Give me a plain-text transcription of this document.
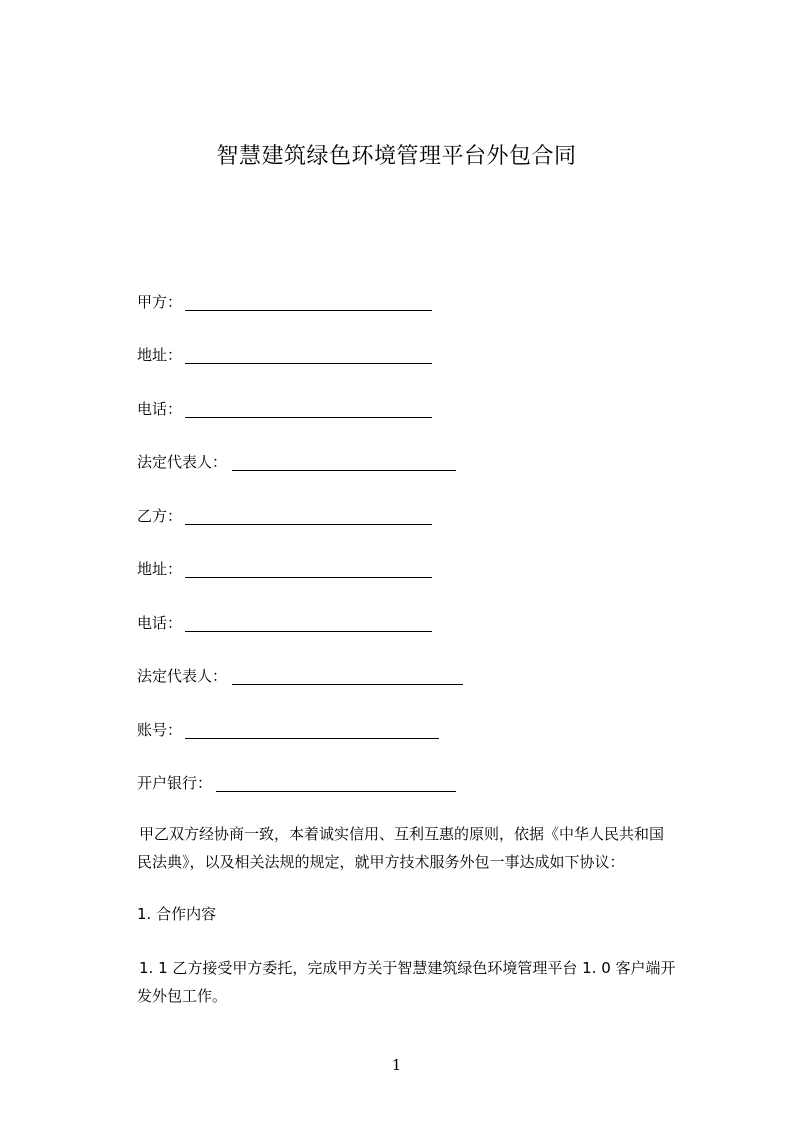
智慧建筑绿色环境管理平台外包合同
甲方：
地址：
电话：
法定代表人：
乙方：
地址：
电话：
法定代表人：
账号：
开户银行：
甲乙双方经协商一致，本着诚实信用、互利互惠的原则，依据《中华人民共和国
民法典》，以及相关法规的规定，就甲方技术服务外包一事达成如下协议：
1. 合作内容
1. 1 乙方接受甲方委托，完成甲方关于智慧建筑绿色环境管理平台 1. 0 客户端开
发外包工作。
1
